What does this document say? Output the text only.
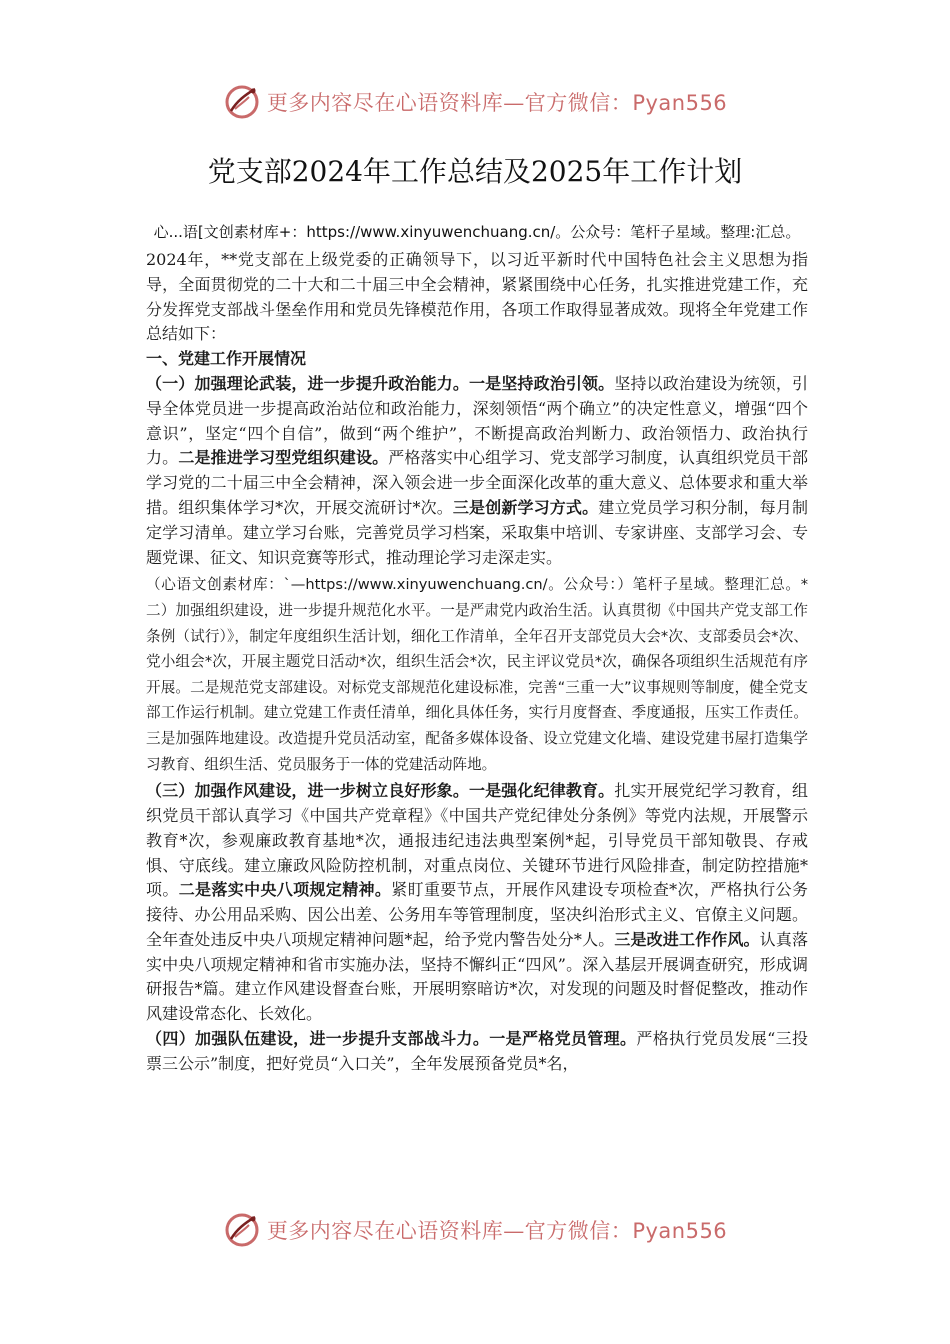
更多内容尽在心语资料库—官方微信：Pyan556
党支部2024年工作总结及2025年工作计划

心...语[文创素材库+：https://www.xinyuwenchuang.cn/。公众号：笔杆子星域。整理:汇总。

2024年，**党支部在上级党委的正确领导下，以习近平新时代中国特色社会主义思想为指导，全面贯彻党的二十大和二十届三中全会精神，紧紧围绕中心任务，扎实推进党建工作，充分发挥党支部战斗堡垒作用和党员先锋模范作用，各项工作取得显著成效。现将全年党建工作总结如下：

一、党建工作开展情况

（一）加强理论武装，进一步提升政治能力。一是坚持政治引领。坚持以政治建设为统领，引导全体党员进一步提高政治站位和政治能力，深刻领悟“两个确立”的决定性意义，增强“四个意识”，坚定“四个自信”，做到“两个维护”，不断提高政治判断力、政治领悟力、政治执行力。二是推进学习型党组织建设。严格落实中心组学习、党支部学习制度，认真组织党员干部学习党的二十届三中全会精神，深入领会进一步全面深化改革的重大意义、总体要求和重大举措。组织集体学习*次，开展交流研讨*次。三是创新学习方式。建立党员学习积分制，每月制定学习清单。建立学习台账，完善党员学习档案，采取集中培训、专家讲座、支部学习会、专题党课、征文、知识竞赛等形式，推动理论学习走深走实。

（心语文创素材库：`—https://www.xinyuwenchuang.cn/。公众号：）笔杆子星域。整理汇总。*二）加强组织建设，进一步提升规范化水平。一是严肃党内政治生活。认真贯彻《中国共产党支部工作条例（试行）》，制定年度组织生活计划，细化工作清单，全年召开支部党员大会*次、支部委员会*次、党小组会*次，开展主题党日活动*次，组织生活会*次，民主评议党员*次，确保各项组织生活规范有序开展。二是规范党支部建设。对标党支部规范化建设标准，完善“三重一大”议事规则等制度，健全党支部工作运行机制。建立党建工作责任清单，细化具体任务，实行月度督查、季度通报，压实工作责任。三是加强阵地建设。改造提升党员活动室，配备多媒体设备、设立党建文化墙、建设党建书屋打造集学习教育、组织生活、党员服务于一体的党建活动阵地。

（三）加强作风建设，进一步树立良好形象。一是强化纪律教育。扎实开展党纪学习教育，组织党员干部认真学习《中国共产党章程》《中国共产党纪律处分条例》等党内法规，开展警示教育*次，参观廉政教育基地*次，通报违纪违法典型案例*起，引导党员干部知敬畏、存戒惧、守底线。建立廉政风险防控机制，对重点岗位、关键环节进行风险排查，制定防控措施*项。二是落实中央八项规定精神。紧盯重要节点，开展作风建设专项检查*次，严格执行公务接待、办公用品采购、因公出差、公务用车等管理制度，坚决纠治形式主义、官僚主义问题。全年查处违反中央八项规定精神问题*起，给予党内警告处分*人。三是改进工作作风。认真落实中央八项规定精神和省市实施办法，坚持不懈纠正“四风”。深入基层开展调查研究，形成调研报告*篇。建立作风建设督查台账，开展明察暗访*次，对发现的问题及时督促整改，推动作风建设常态化、长效化。

（四）加强队伍建设，进一步提升支部战斗力。一是严格党员管理。严格执行党员发展“三投票三公示”制度，把好党员“入口关”，全年发展预备党员*名，

更多内容尽在心语资料库—官方微信：Pyan556
